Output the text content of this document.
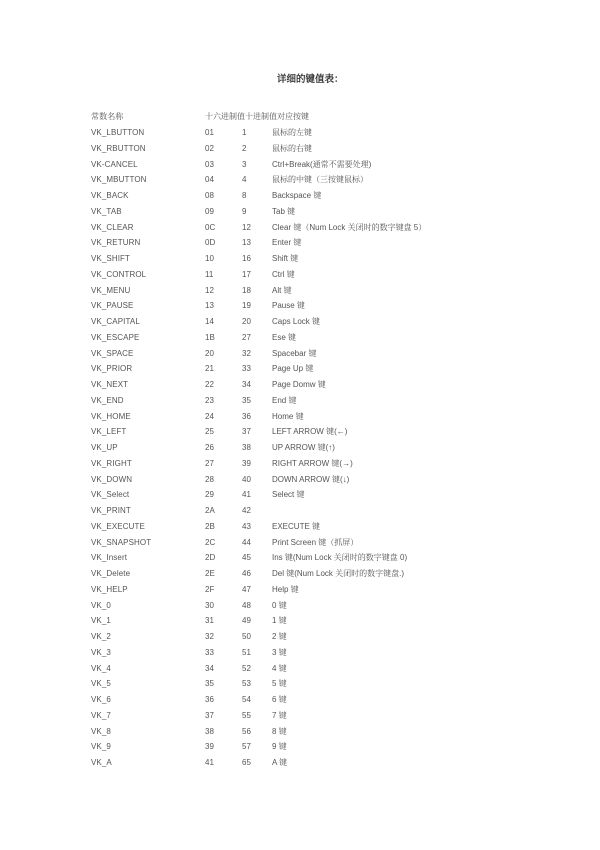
详细的键值表：
常数名称	十六进制值十进制值对应按键
VK_LBUTTON	01	1	鼠标的左键
VK_RBUTTON	02	2	鼠标的右键
VK-CANCEL	03	3	Ctrl+Break(通常不需要处理)
VK_MBUTTON	04	4	鼠标的中键（三按键鼠标）
VK_BACK	08	8	Backspace 键
VK_TAB	09	9	Tab 键
VK_CLEAR	0C	12	Clear 键（Num Lock 关闭时的数字键盘 5）
VK_RETURN	0D	13	Enter 键
VK_SHIFT	10	16	Shift 键
VK_CONTROL	11	17	Ctrl 键
VK_MENU	12	18	Alt 键
VK_PAUSE	13	19	Pause 键
VK_CAPITAL	14	20	Caps Lock 键
VK_ESCAPE	1B	27	Ese 键
VK_SPACE	20	32	Spacebar 键
VK_PRIOR	21	33	Page Up 键
VK_NEXT	22	34	Page Domw 键
VK_END	23	35	End 键
VK_HOME	24	36	Home 键
VK_LEFT	25	37	LEFT ARROW 键(←)
VK_UP	26	38	UP ARROW 键(↑)
VK_RIGHT	27	39	RIGHT ARROW 键(→)
VK_DOWN	28	40	DOWN ARROW 键(↓)
VK_Select	29	41	Select 键
VK_PRINT	2A	42
VK_EXECUTE	2B	43	EXECUTE 键
VK_SNAPSHOT	2C	44	Print Screen 键（抓屏）
VK_Insert	2D	45	Ins 键(Num Lock 关闭时的数字键盘 0)
VK_Delete	2E	46	Del 键(Num Lock 关闭时的数字键盘.)
VK_HELP	2F	47	Help 键
VK_0	30	48	0 键
VK_1	31	49	1 键
VK_2	32	50	2 键
VK_3	33	51	3 键
VK_4	34	52	4 键
VK_5	35	53	5 键
VK_6	36	54	6 键
VK_7	37	55	7 键
VK_8	38	56	8 键
VK_9	39	57	9 键
VK_A	41	65	A 键
